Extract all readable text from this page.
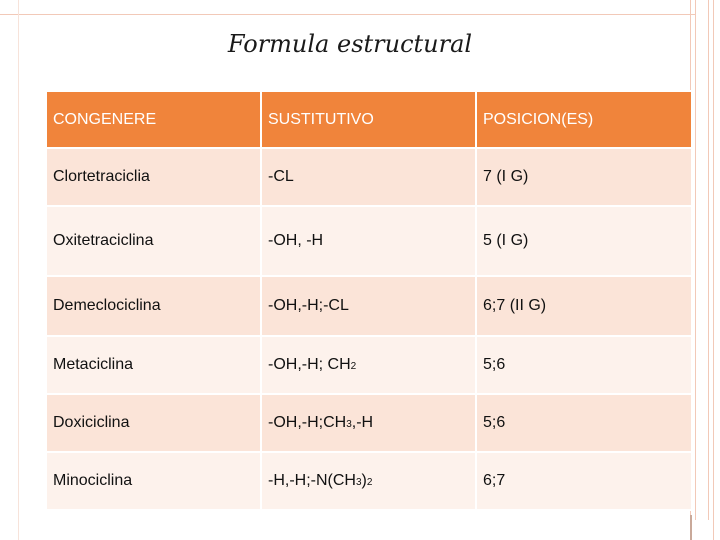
Formula estructural
CONGENERE	SUSTITUTIVO	POSICION(ES)
Clortetraciclia	-CL	7 (I G)
Oxitetraciclina	-OH, -H	5 (I G)
Demeclociclina	-OH,-H;-CL	6;7 (II G)
Metaciclina	-OH,-H; CH2	5;6
Doxiciclina	-OH,-H;CH3,-H	5;6
Minociclina	-H,-H;-N(CH3)2	6;7
